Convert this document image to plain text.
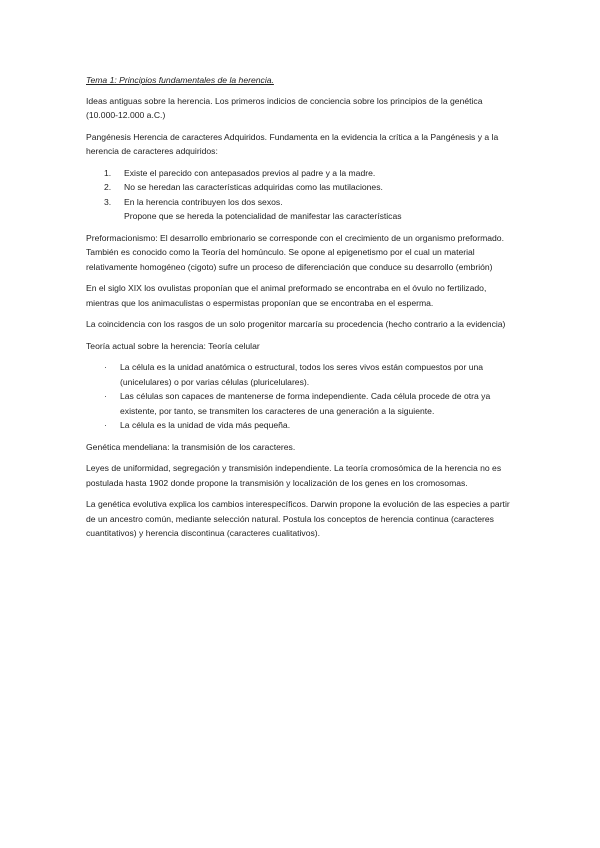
Tema 1: Principios fundamentales de la herencia.

Ideas antiguas sobre la herencia. Los primeros indicios de conciencia sobre los principios de la genética (10.000-12.000 a.C.)

Pangénesis Herencia de caracteres Adquiridos. Fundamenta en la evidencia la crítica a la Pangénesis y a la herencia de caracteres adquiridos:

1.	Existe el parecido con antepasados previos al padre y a la madre.
2.	No se heredan las características adquiridas como las mutilaciones.
3.	En la herencia contribuyen los dos sexos.
Propone que se hereda la potencialidad de manifestar las características

Preformacionismo: El desarrollo embrionario se corresponde con el crecimiento de un organismo preformado. También es conocido como la Teoría del homúnculo. Se opone al epigenetismo por el cual un material relativamente homogéneo (cigoto) sufre un proceso de diferenciación que conduce su desarrollo (embrión)

En el siglo XIX los ovulistas proponían que el animal preformado se encontraba en el óvulo no fertilizado, mientras que los animaculistas o espermistas proponían que se encontraba en el esperma.

La coincidencia con los rasgos de un solo progenitor marcaría su procedencia (hecho contrario a la evidencia)

Teoría actual sobre la herencia: Teoría celular

·	La célula es la unidad anatómica o estructural, todos los seres vivos están compuestos por una (unicelulares) o por varias células (pluricelulares).
·	Las células son capaces de mantenerse de forma independiente. Cada célula procede de otra ya existente, por tanto, se transmiten los caracteres de una generación a la siguiente.
·	La célula es la unidad de vida más pequeña.

Genética mendeliana: la transmisión de los caracteres.

Leyes de uniformidad, segregación y transmisión independiente. La teoría cromosómica de la herencia no es postulada hasta 1902 donde propone la transmisión y localización de los genes en los cromosomas.

La genética evolutiva explica los cambios interespecíficos. Darwin propone la evolución de las especies a partir de un ancestro común, mediante selección natural. Postula los conceptos de herencia continua (caracteres cuantitativos) y herencia discontinua (caracteres cualitativos).
